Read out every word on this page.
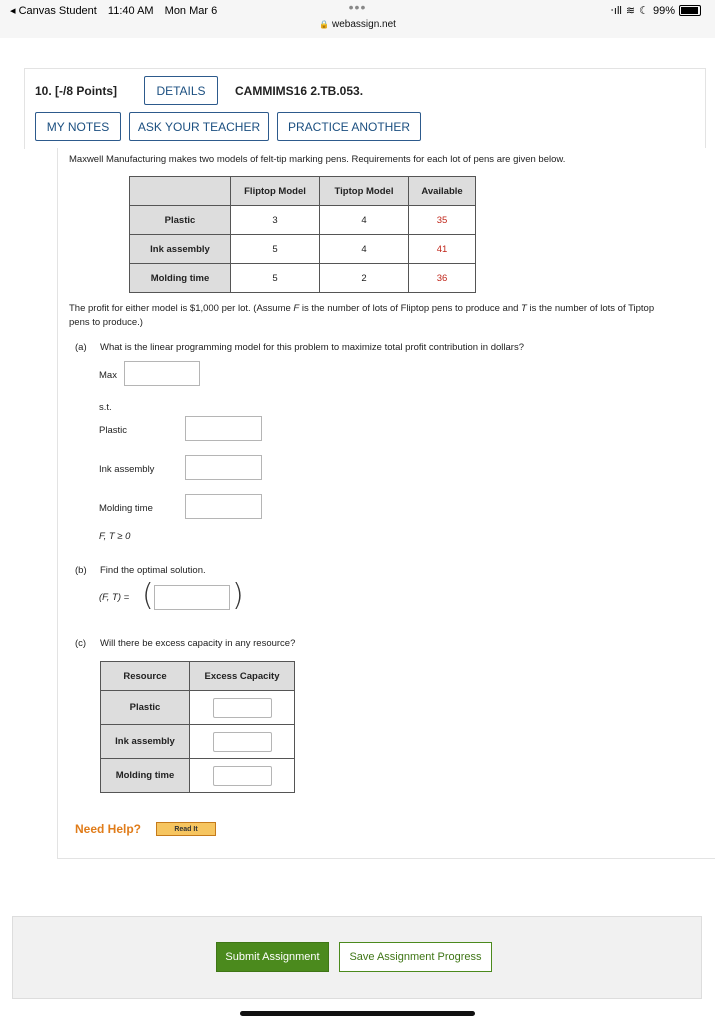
◂ Canvas Student 11:40 AM Mon Mar 6	•••
🔒 webassign.net
‧ıll ≋ ☾ 99%
10. [-/8 Points]	DETAILS	CAMMIMS16 2.TB.053.
MY NOTES	ASK YOUR TEACHER	PRACTICE ANOTHER
Maxwell Manufacturing makes two models of felt-tip marking pens. Requirements for each lot of pens are given below.
	Fliptop Model	Tiptop Model	Available
Plastic	3	4	35
Ink assembly	5	4	41
Molding time	5	2	36
The profit for either model is $1,000 per lot. (Assume F is the number of lots of Fliptop pens to produce and T is the number of lots of Tiptop pens to produce.)
(a) What is the linear programming model for this problem to maximize total profit contribution in dollars?
Max
s.t.
Plastic
Ink assembly
Molding time
F, T ≥ 0
(b) Find the optimal solution.
(F, T) = (	)
(c) Will there be excess capacity in any resource?
Resource	Excess Capacity
Plastic	
Ink assembly	
Molding time	
Need Help?	Read It
Submit Assignment	Save Assignment Progress
